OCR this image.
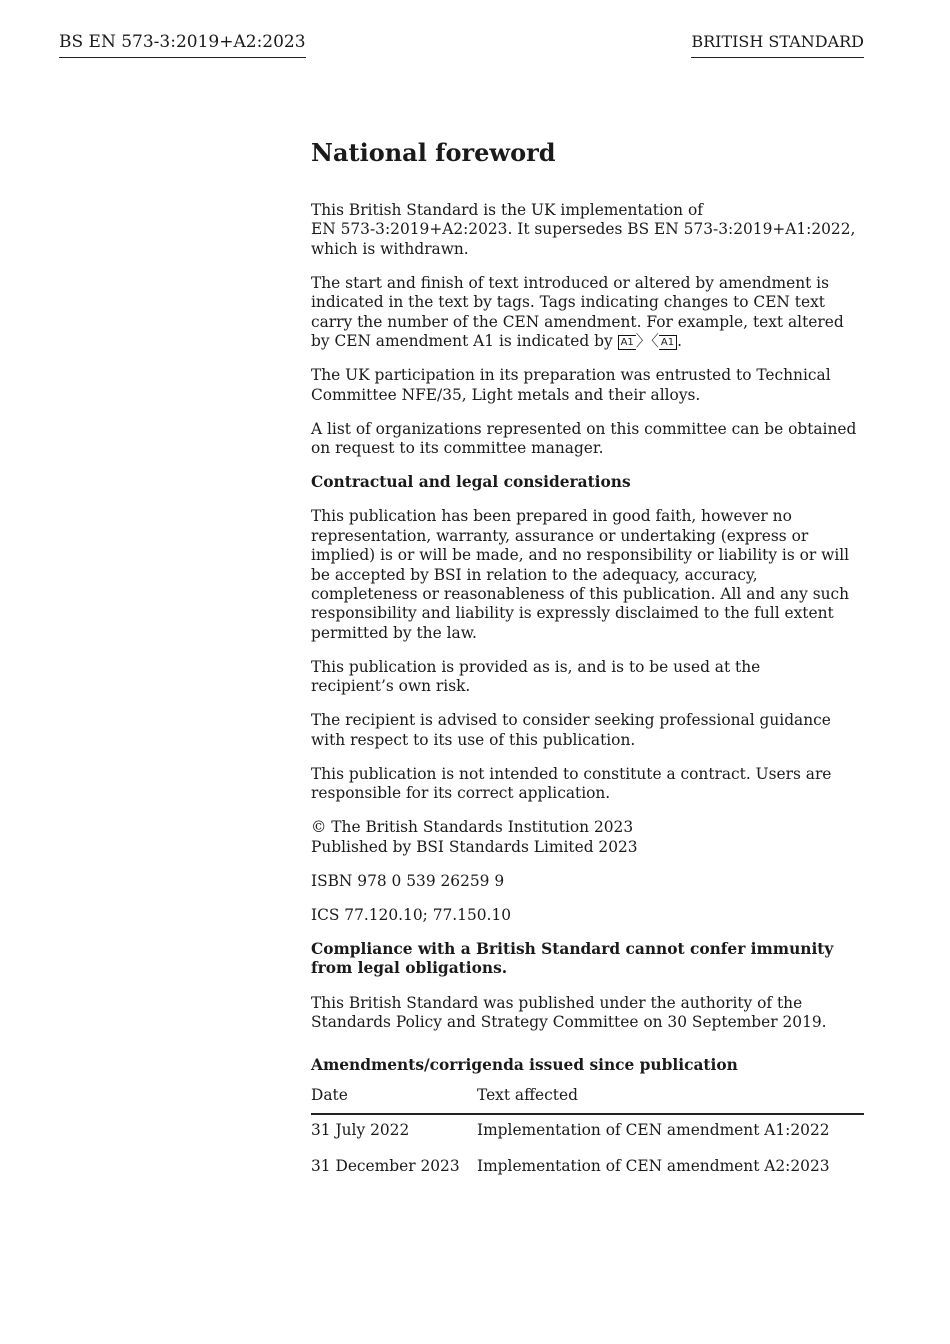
BS EN 573-3:2019+A2:2023	BRITISH STANDARD
National foreword

This British Standard is the UK implementation of
EN 573-3:2019+A2:2023. It supersedes BS EN 573-3:2019+A1:2022,
which is withdrawn.

The start and finish of text introduced or altered by amendment is indicated in the text by tags. Tags indicating changes to CEN text carry the number of the CEN amendment. For example, text altered by CEN amendment A1 is indicated by A1 〉〈 A1 .

The UK participation in its preparation was entrusted to Technical Committee NFE/35, Light metals and their alloys.

A list of organizations represented on this committee can be obtained on request to its committee manager.

Contractual and legal considerations

This publication has been prepared in good faith, however no representation, warranty, assurance or undertaking (express or implied) is or will be made, and no responsibility or liability is or will be accepted by BSI in relation to the adequacy, accuracy, completeness or reasonableness of this publication. All and any such responsibility and liability is expressly disclaimed to the full extent permitted by the law.

This publication is provided as is, and is to be used at the
recipient’s own risk.

The recipient is advised to consider seeking professional guidance with respect to its use of this publication.

This publication is not intended to constitute a contract. Users are responsible for its correct application.

© The British Standards Institution 2023
Published by BSI Standards Limited 2023

ISBN 978 0 539 26259 9

ICS 77.120.10; 77.150.10

Compliance with a British Standard cannot confer immunity from legal obligations.

This British Standard was published under the authority of the Standards Policy and Strategy Committee on 30 September 2019.

Amendments/corrigenda issued since publication
Date	Text affected
31 July 2022	Implementation of CEN amendment A1:2022
31 December 2023	Implementation of CEN amendment A2:2023
